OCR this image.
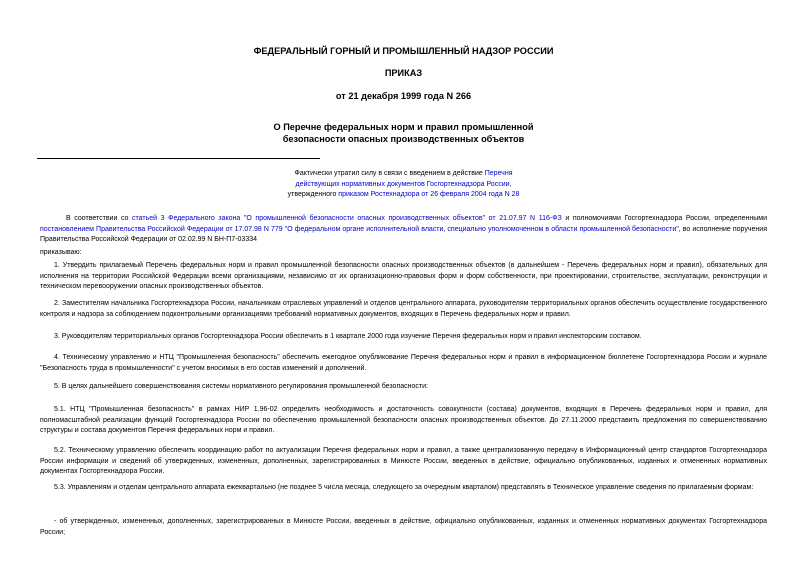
ФЕДЕРАЛЬНЫЙ ГОРНЫЙ И ПРОМЫШЛЕННЫЙ НАДЗОР РОССИИ
ПРИКАЗ
от 21 декабря 1999 года N 266
О Перечне федеральных норм и правил промышленной
безопасности опасных производственных объектов
Фактически утратил силу в связи с введением в действие Перечня
действующих нормативных документов Госгортехнадзора России,
утвержденного приказом Ростехнадзора от 26 февраля 2004 года N 28
В соответствии со статьей 3 Федерального закона "О промышленной безопасности опасных производственных объектов" от 21.07.97 N 116-ФЗ и полномочиями Госгортехнадзора России, определенными постановлением Правительства Российской Федерации от 17.07.98 N 779 "О федеральном органе исполнительной власти, специально уполномоченном в области промышленной безопасности", во исполнение поручения Правительства Российской Федерации от 02.02.99 N БН-П7-03334
приказываю:
1. Утвердить прилагаемый Перечень федеральных норм и правил промышленной безопасности опасных производственных объектов (в дальнейшем - Перечень федеральных норм и правил), обязательных для исполнения на территории Российской Федерации всеми организациями, независимо от их организационно-правовых форм и форм собственности, при проектировании, строительстве, эксплуатации, реконструкции и техническом перевооружении опасных производственных объектов.
2. Заместителям начальника Госгортехнадзора России, начальникам отраслевых управлений и отделов центрального аппарата, руководителям территориальных органов обеспечить осуществление государственного контроля и надзора за соблюдением подконтрольными организациями требований нормативных документов, входящих в Перечень федеральных норм и правил.
3. Руководителям территориальных органов Госгортехнадзора России обеспечить в 1 квартале 2000 года изучение Перечня федеральных норм и правил инспекторским составом.
4. Техническому управлению и НТЦ "Промышленная безопасность" обеспечить ежегодное опубликование Перечня федеральных норм и правил в информационном бюллетене Госгортехнадзора России и журнале "Безопасность труда в промышленности" с учетом вносимых в его состав изменений и дополнений.
5. В целях дальнейшего совершенствования системы нормативного регулирования промышленной безопасности:
5.1. НТЦ "Промышленная безопасность" в рамках НИР 1.96-02 определить необходимость и достаточность совокупности (состава) документов, входящих в Перечень федеральных норм и правил, для полномасштабной реализации функций Госгортехнадзора России по обеспечению промышленной безопасности опасных производственных объектов. До 27.11.2000 представить предложения по совершенствованию структуры и состава документов Перечня федеральных норм и правил.
5.2. Техническому управлению обеспечить координацию работ по актуализации Перечня федеральных норм и правил, а также централизованную передачу в Информационный центр стандартов Госгортехнадзора России информации и сведений об утвержденных, измененных, дополненных, зарегистрированных в Минюсте России, введенных в действие, официально опубликованных, изданных и отмененных нормативных документах Госгортехнадзора России.
5.3. Управлениям и отделам центрального аппарата ежеквартально (не позднее 5 числа месяца, следующего за очередным кварталом) представлять в Техническое управление сведения по прилагаемым формам:
- об утвержденных, измененных, дополненных, зарегистрированных в Минюсте России, введенных в действие, официально опубликованных, изданных и отмененных нормативных документах Госгортехнадзора России;
